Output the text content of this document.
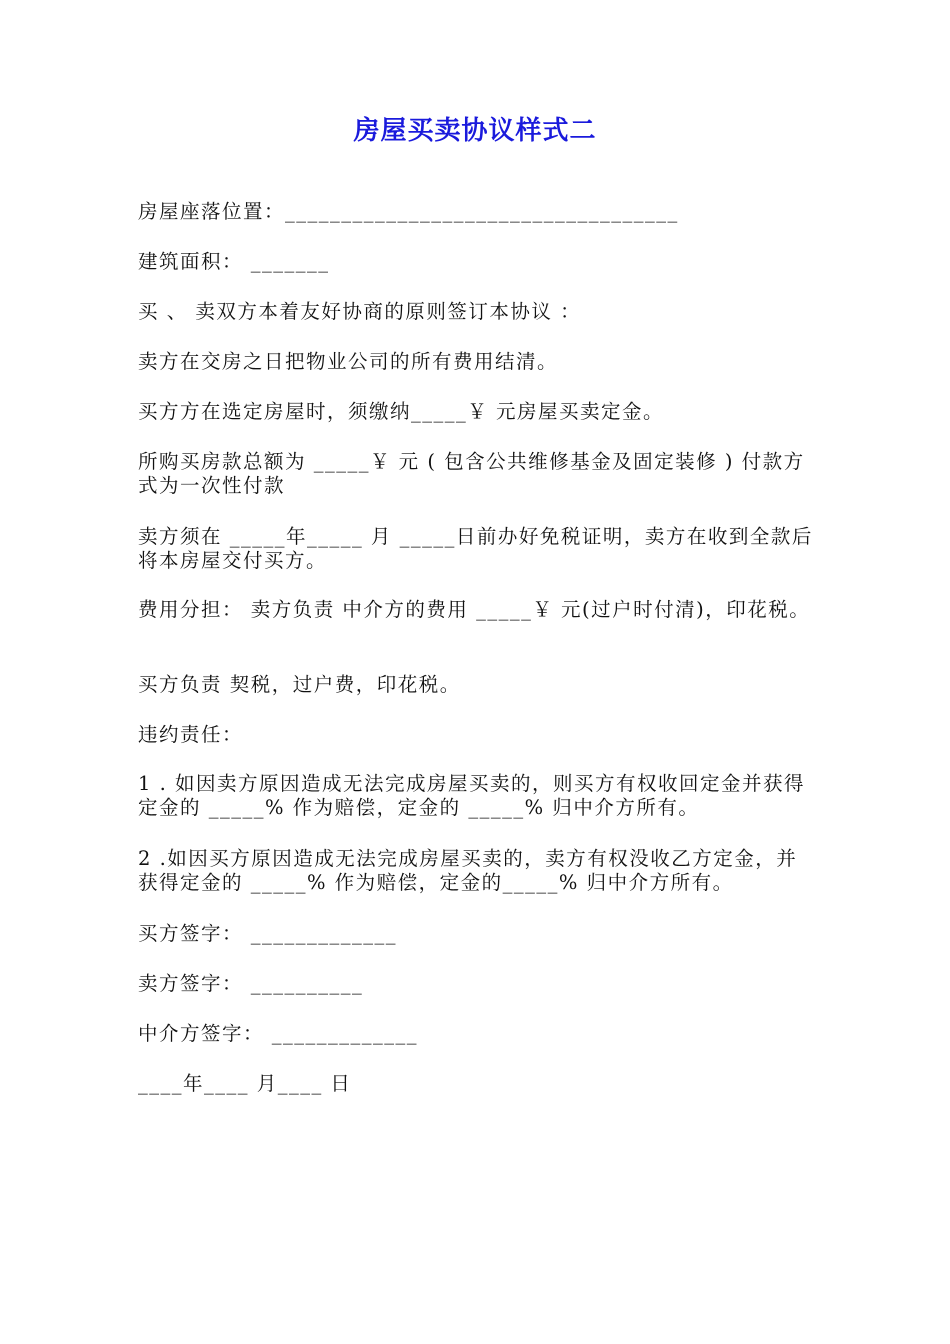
房屋买卖协议样式二
房屋座落位置：___________________________________
建筑面积： _______
买 、 卖双方本着友好协商的原则签订本协议 ：
卖方在交房之日把物业公司的所有费用结清。
买方方在选定房屋时，须缴纳_____￥ 元房屋买卖定金。
所购买房款总额为 _____￥ 元 ( 包含公共维修基金及固定装修 ) 付款方式为一次性付款
卖方须在 _____年_____ 月 _____日前办好免税证明，卖方在收到全款后将本房屋交付买方。
费用分担： 卖方负责 中介方的费用 _____￥ 元(过户时付清)，印花税。
买方负责 契税，过户费，印花税。
违约责任：
1 . 如因卖方原因造成无法完成房屋买卖的，则买方有权收回定金并获得定金的 _____% 作为赔偿，定金的 _____% 归中介方所有。
2 .如因买方原因造成无法完成房屋买卖的，卖方有权没收乙方定金，并获得定金的 _____% 作为赔偿，定金的_____% 归中介方所有。
买方签字： _____________
卖方签字： __________
中介方签字： _____________
____年____ 月____ 日
